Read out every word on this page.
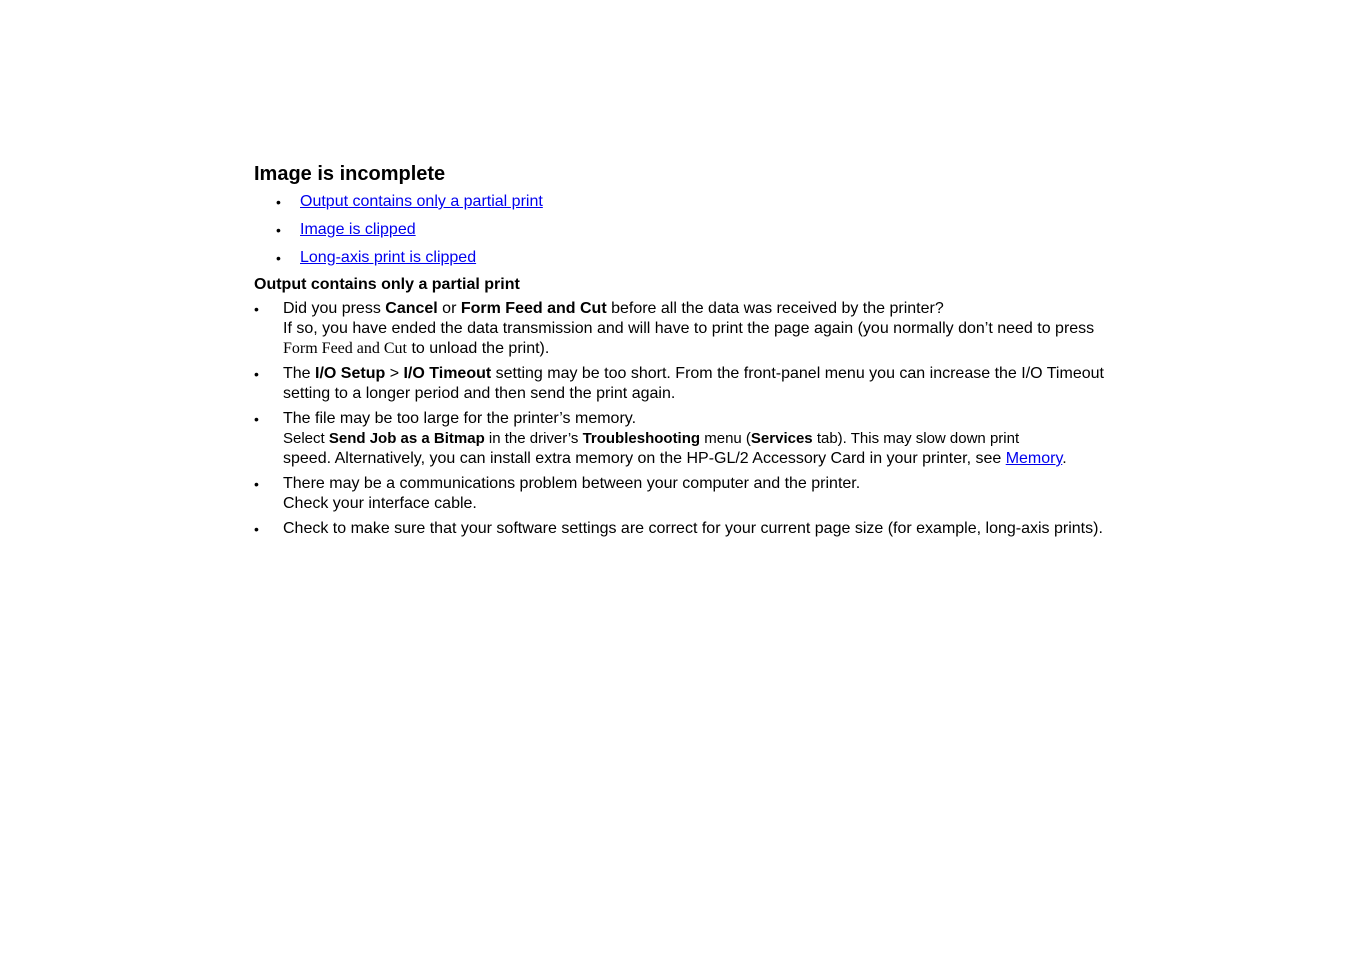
Image is incomplete
• Output contains only a partial print
• Image is clipped
• Long-axis print is clipped
Output contains only a partial print
• Did you press Cancel or Form Feed and Cut before all the data was received by the printer?
If so, you have ended the data transmission and will have to print the page again (you normally don’t need to press Form Feed and Cut to unload the print).
• The I/O Setup > I/O Timeout setting may be too short. From the front-panel menu you can increase the I/O Timeout setting to a longer period and then send the print again.
• The file may be too large for the printer’s memory.
Select Send Job as a Bitmap in the driver’s Troubleshooting menu (Services tab). This may slow down print
speed. Alternatively, you can install extra memory on the HP-GL/2 Accessory Card in your printer, see Memory.
• There may be a communications problem between your computer and the printer.
Check your interface cable.
• Check to make sure that your software settings are correct for your current page size (for example, long-axis prints).
